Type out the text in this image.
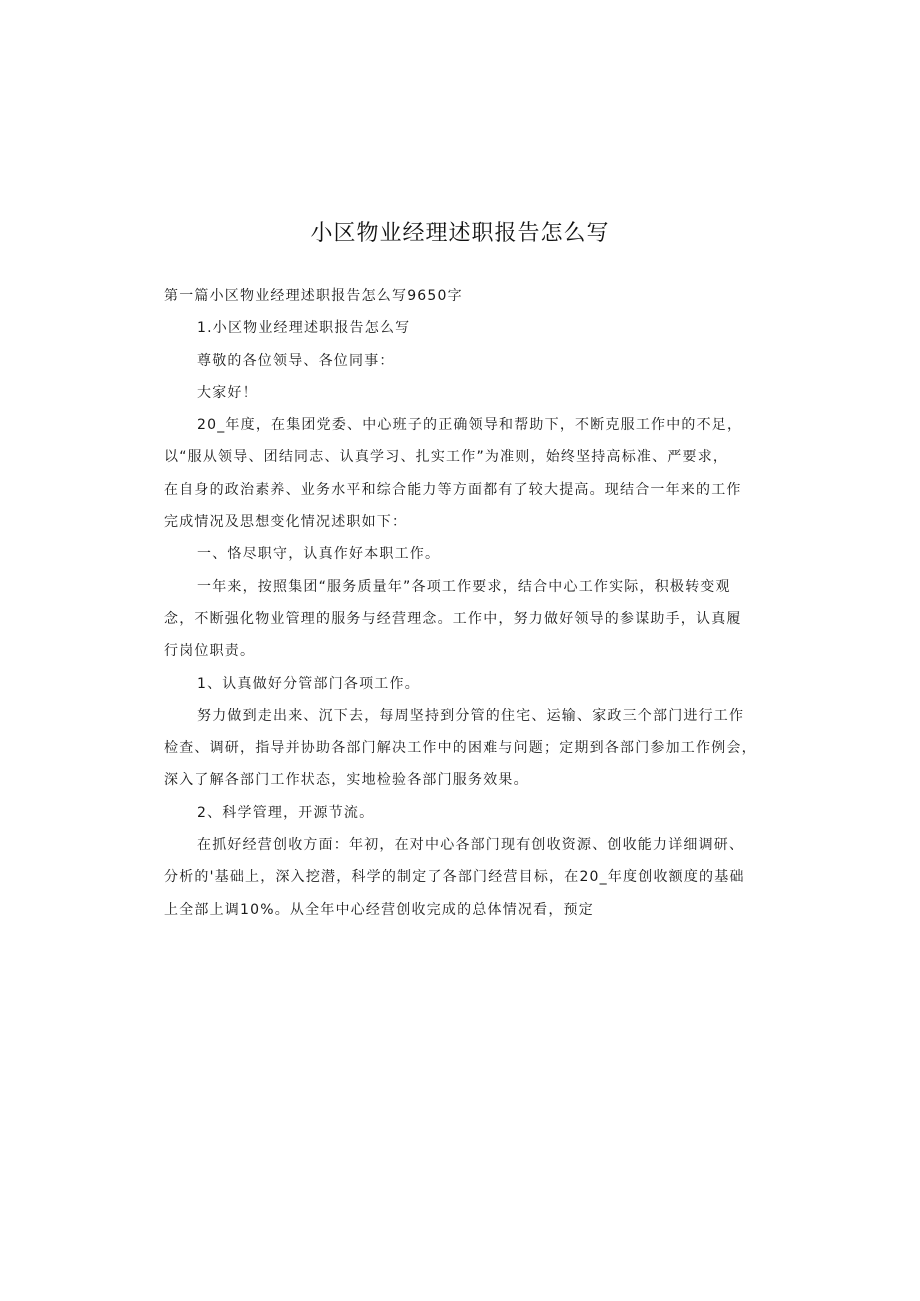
小区物业经理述职报告怎么写
第一篇小区物业经理述职报告怎么写9650字
1.小区物业经理述职报告怎么写
尊敬的各位领导、各位同事：
大家好！
20_年度，在集团党委、中心班子的正确领导和帮助下，不断克服工作中的不足，
以“服从领导、团结同志、认真学习、扎实工作”为准则，始终坚持高标准、严要求，
在自身的政治素养、业务水平和综合能力等方面都有了较大提高。现结合一年来的工作
完成情况及思想变化情况述职如下：
一、恪尽职守，认真作好本职工作。
一年来，按照集团“服务质量年”各项工作要求，结合中心工作实际，积极转变观
念，不断强化物业管理的服务与经营理念。工作中，努力做好领导的参谋助手，认真履
行岗位职责。
1、认真做好分管部门各项工作。
努力做到走出来、沉下去，每周坚持到分管的住宅、运输、家政三个部门进行工作
检查、调研，指导并协助各部门解决工作中的困难与问题；定期到各部门参加工作例会，
深入了解各部门工作状态，实地检验各部门服务效果。
2、科学管理，开源节流。
在抓好经营创收方面：年初，在对中心各部门现有创收资源、创收能力详细调研、
分析的'基础上，深入挖潜，科学的制定了各部门经营目标，在20_年度创收额度的基础
上全部上调10%。从全年中心经营创收完成的总体情况看，预定
